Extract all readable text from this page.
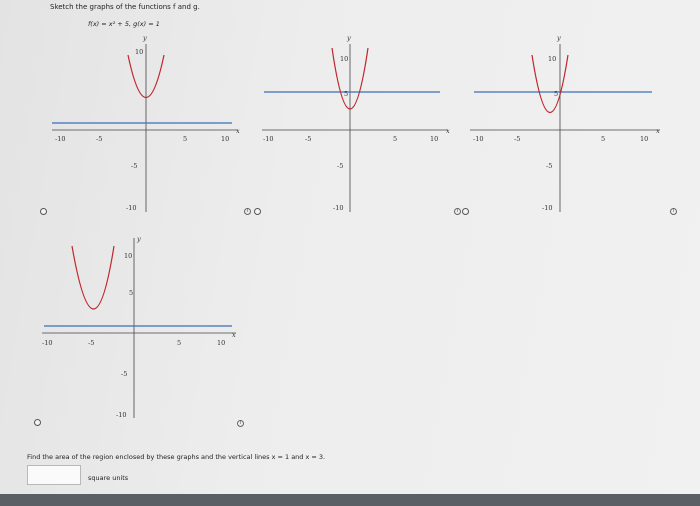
Sketch the graphs of the functions f and g.
f(x) = x² + 5, g(x) = 1
-10	-5	5	10
10
-5
-10
y
x
-10	-5	5	10
10
5
-5
-10
y
x
-10	-5	5	10
10
5
-5
-10
y
x
-10	-5	5	10
10
5
-5
-10
y
x
i	i	i
i
Find the area of the region enclosed by these graphs and the vertical lines x = 1 and x = 3.
square units
